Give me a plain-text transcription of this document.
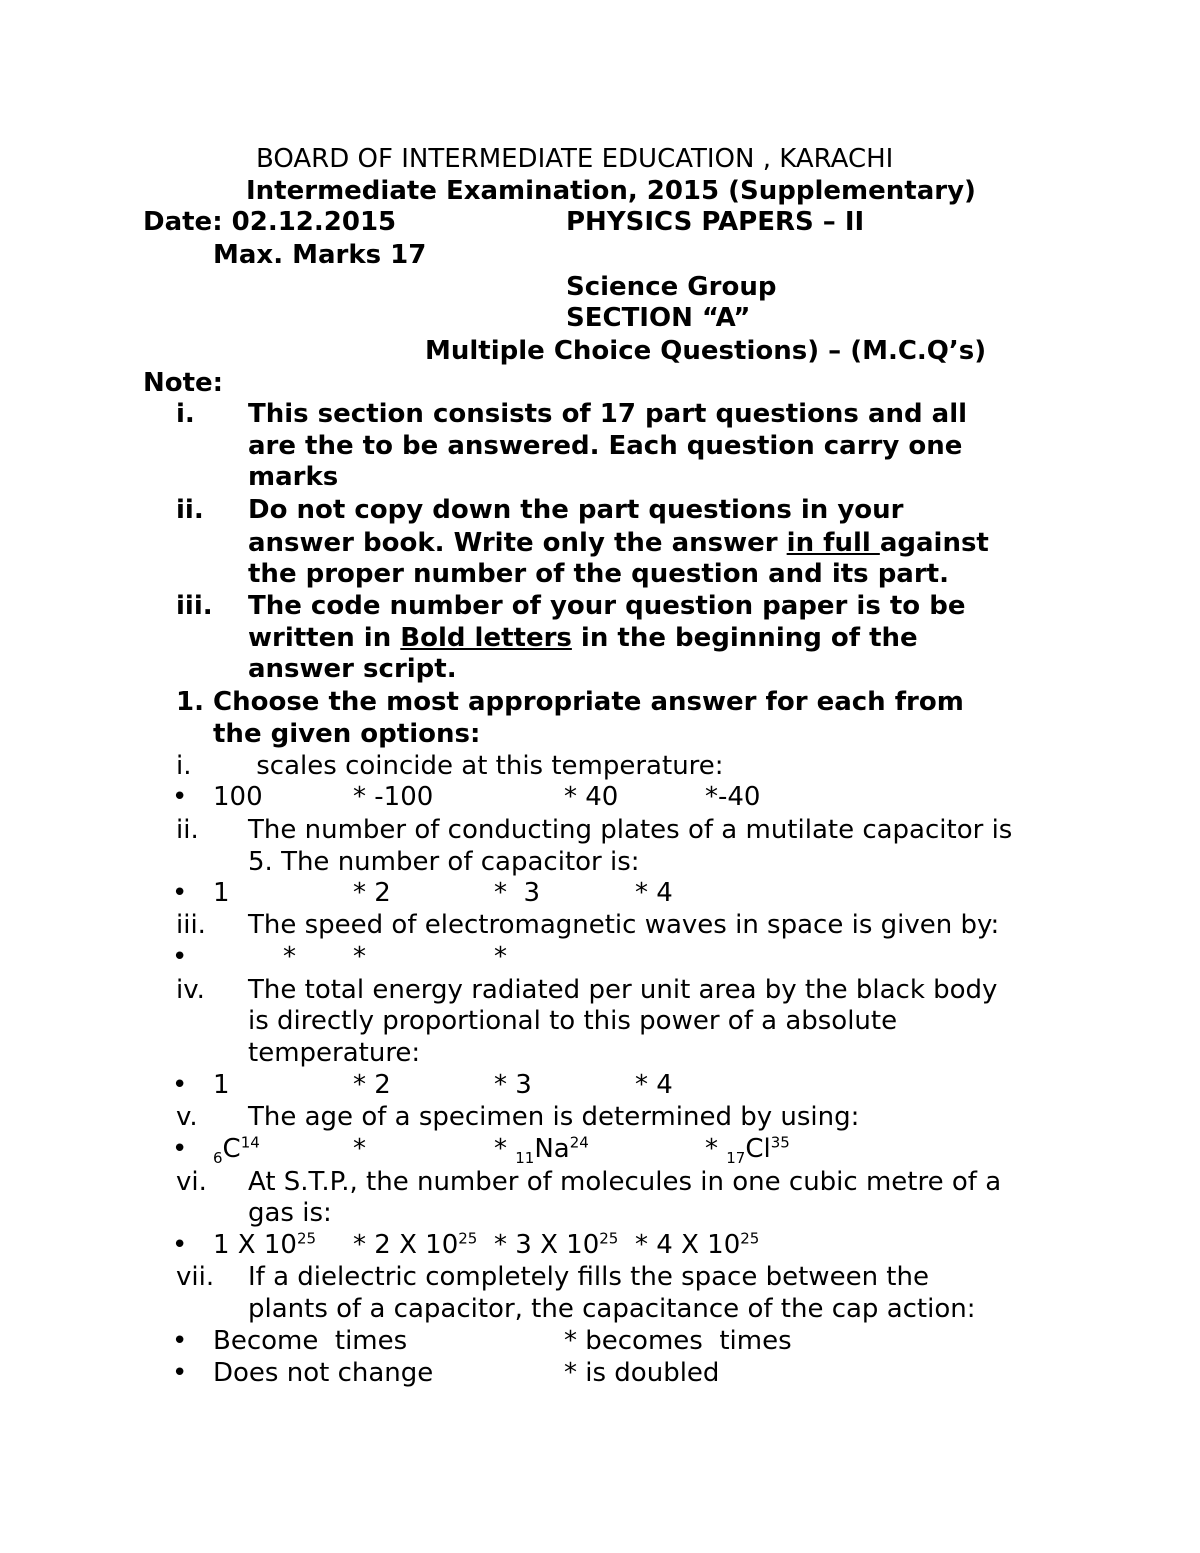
BOARD OF INTERMEDIATE EDUCATION , KARACHI
Intermediate Examination, 2015 (Supplementary)
Date: 02.12.2015	PHYSICS PAPERS – II
Max. Marks 17
Science Group
SECTION “A”
Multiple Choice Questions) – (M.C.Q’s)
Note:
i. This section consists of 17 part questions and all
are the to be answered. Each question carry one
marks
ii. Do not copy down the part questions in your
answer book. Write only the answer in full against
the proper number of the question and its part.
iii. The code number of your question paper is to be
written in Bold letters in the beginning of the
answer script.
1. Choose the most appropriate answer for each from
the given options:
i. scales coincide at this temperature:
• 100	* -100	* 40	*-40
ii. The number of conducting plates of a mutilate capacitor is
5. The number of capacitor is:
• 1	* 2	*  3	* 4
iii. The speed of electromagnetic waves in space is given by:
•	* *	*
iv. The total energy radiated per unit area by the black body
is directly proportional to this power of a absolute
temperature:
• 1	* 2	* 3	* 4
v. The age of a specimen is determined by using:
• $_6C^{14}$	*	* $_{11}Na^{24}$	* $_{17}Cl^{35}$
vi. At S.T.P., the number of molecules in one cubic metre of a
gas is:
• 1 X $10^{25} * 2$ X $10^{25} * 3$ X $10^{25} * 4$ X $10^{25}$
vii. If a dielectric completely fills the space between the
plants of a capacitor, the capacitance of the cap action:
• Become  times	* becomes  times
• Does not change	* is doubled
